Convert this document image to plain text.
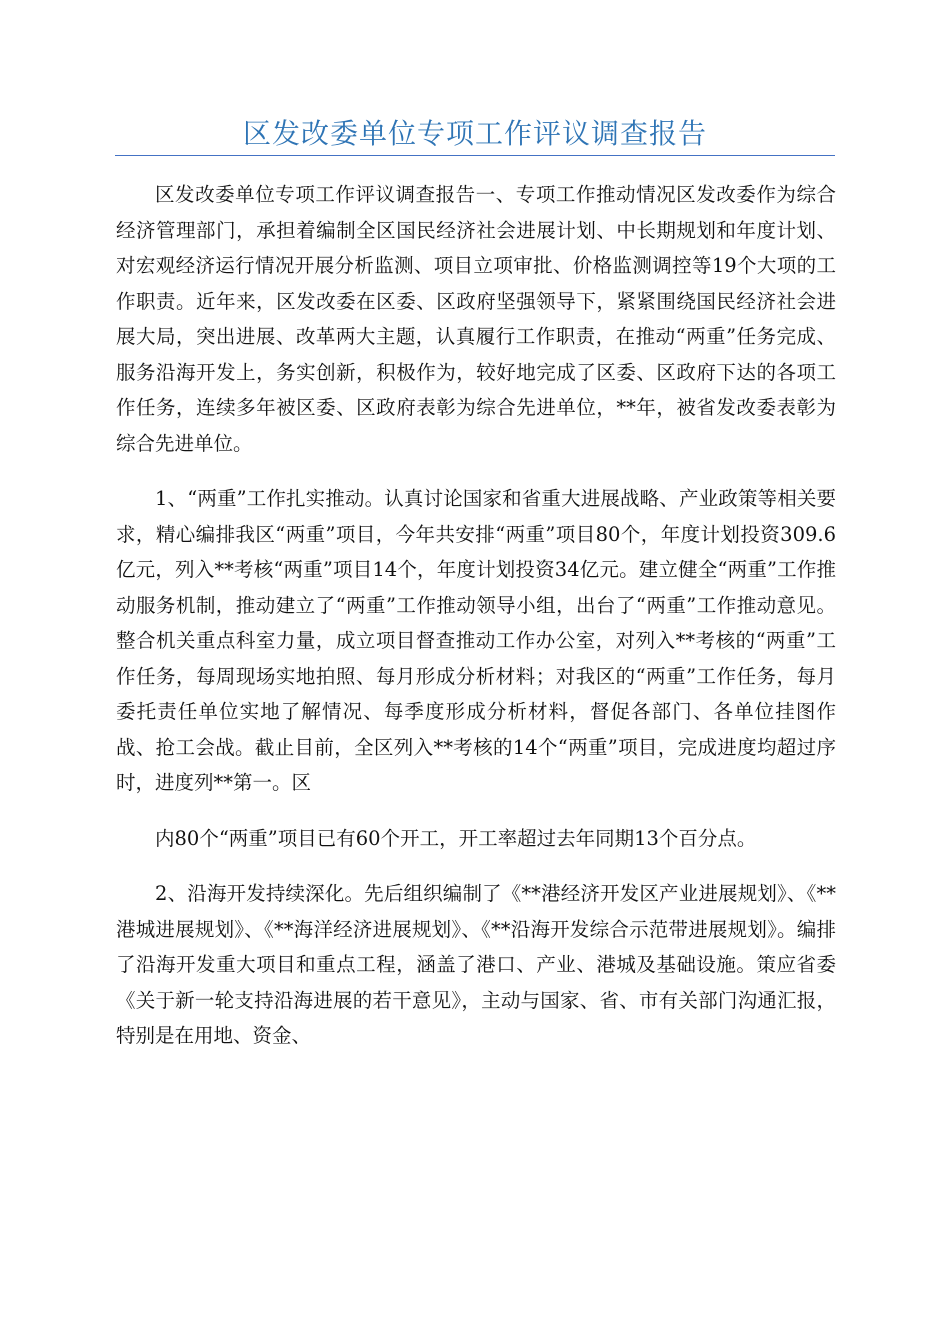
区发改委单位专项工作评议调查报告

区发改委单位专项工作评议调查报告一、专项工作推动情况区发改委作为综合经济管理部门，承担着编制全区国民经济社会进展计划、中长期规划和年度计划、对宏观经济运行情况开展分析监测、项目立项审批、价格监测调控等19个大项的工作职责。近年来，区发改委在区委、区政府坚强领导下，紧紧围绕国民经济社会进展大局，突出进展、改革两大主题，认真履行工作职责，在推动“两重”任务完成、服务沿海开发上，务实创新，积极作为，较好地完成了区委、区政府下达的各项工作任务，连续多年被区委、区政府表彰为综合先进单位，**年，被省发改委表彰为综合先进单位。

1、“两重”工作扎实推动。认真讨论国家和省重大进展战略、产业政策等相关要求，精心编排我区“两重”项目，今年共安排“两重”项目80个，年度计划投资309.6亿元，列入**考核“两重”项目14个，年度计划投资34亿元。建立健全“两重”工作推动服务机制，推动建立了“两重”工作推动领导小组，出台了“两重”工作推动意见。整合机关重点科室力量，成立项目督查推动工作办公室，对列入**考核的“两重”工作任务，每周现场实地拍照、每月形成分析材料；对我区的“两重”工作任务，每月委托责任单位实地了解情况、每季度形成分析材料，督促各部门、各单位挂图作战、抢工会战。截止目前，全区列入**考核的14个“两重”项目，完成进度均超过序时，进度列**第一。区

内80个“两重”项目已有60个开工，开工率超过去年同期13个百分点。

2、沿海开发持续深化。先后组织编制了《**港经济开发区产业进展规划》、《**港城进展规划》、《**海洋经济进展规划》、《**沿海开发综合示范带进展规划》。编排了沿海开发重大项目和重点工程，涵盖了港口、产业、港城及基础设施。策应省委《关于新一轮支持沿海进展的若干意见》，主动与国家、省、市有关部门沟通汇报，特别是在用地、资金、
